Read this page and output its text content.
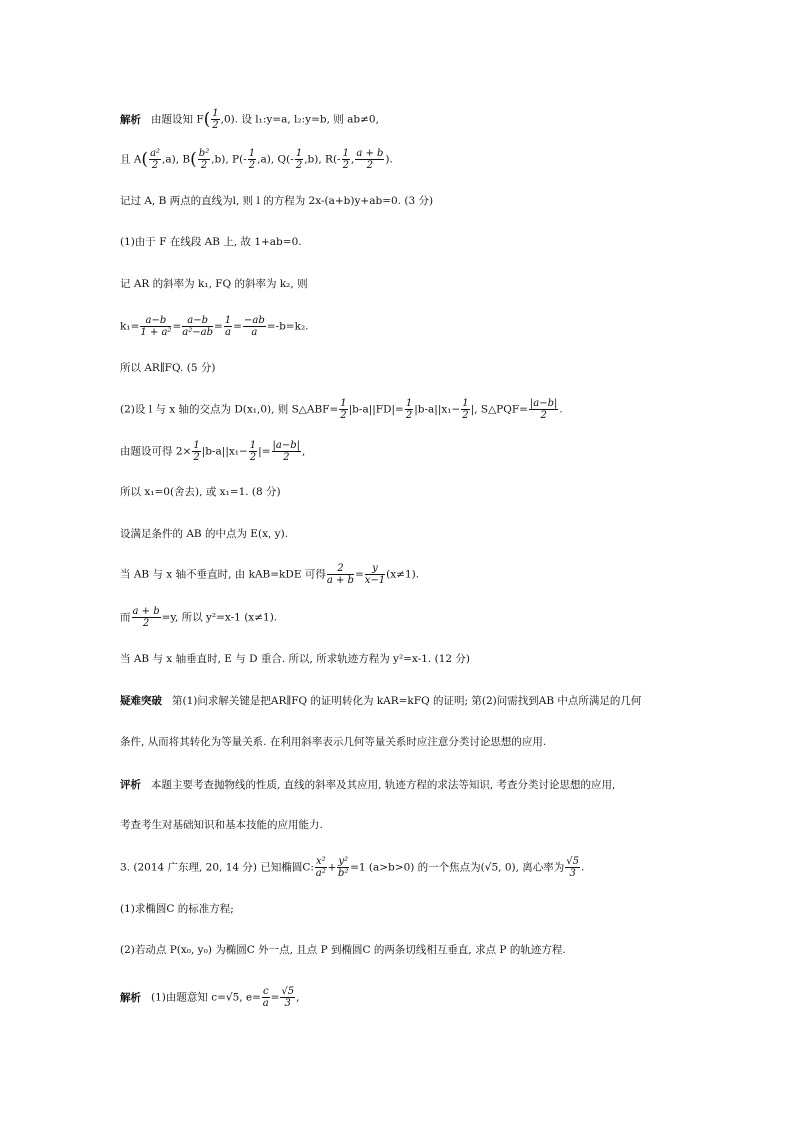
解析 由题设知 $F( \frac{1}{2} ,0)$. 设 l₁:y=a, l₂:y=b, 则 ab≠0,
且 $A( \frac{\text{a²}}{2} ,a)$, $B( \frac{\text{b²}}{2} ,b)$, $P(- \frac{1}{2} ,a)$, $Q(- \frac{1}{2} ,b)$, $R(- \frac{1}{2}$ , $\frac{a + b}{2}$ ).
记过 A, B 两点的直线为l, 则 l 的方程为 2x-(a+b)y+ab=0. (3 分)
(1)由于 F 在线段 AB 上, 故 1+ab=0.
记 AR 的斜率为 k₁, FQ 的斜率为 k₂, 则
$k_1= \frac{a-b}{\text{1 + a²}} = \frac{a-b}{\text{a²−ab}} = \frac{1}{a} = \frac{-ab}{a} =-b=k_2$.
所以 AR∥FQ. (5 分)
(2)设 l 与 x 轴的交点为 D(x₁,0), 则 S△ABF= $\frac{1}{2} |b-a||FD|= \frac{1}{2} |b-a||x_1- \frac{1}{2}$ |, S△PQF= $\frac{|a-b|}{2}$ .
由题设可得 $2\times \frac{1}{2} |b-a||x_1- \frac{1}{2}$ |= $\frac{|a-b|}{2}$ ,
所以 x₁=0(舍去), 或 x₁=1. (8 分)
设满足条件的 AB 的中点为 E(x, y).
当 AB 与 x 轴不垂直时, 由 kAB=kDE 可得 $\frac{2}{a + b} = \frac{y}{x-1} (x\ne 1)$.
而 $\frac{a + b}{2} =y$, 所以 y²=x-1 (x≠1).
当 AB 与 x 轴垂直时, E 与 D 重合. 所以, 所求轨迹方程为 y²=x-1. (12 分)
疑难突破 第(1)问求解关键是把AR∥FQ 的证明转化为 kAR=kFQ 的证明; 第(2)问需找到AB 中点所满足的几何
条件, 从而将其转化为等量关系. 在利用斜率表示几何等量关系时应注意分类讨论思想的应用.
评析 本题主要考查抛物线的性质, 直线的斜率及其应用, 轨迹方程的求法等知识, 考查分类讨论思想的应用,
考查考生对基础知识和基本技能的应用能力.
3. (2014 广东理, 20, 14 分) 已知椭圆C: $\frac{\text{x²}}{\text{a²}} + \frac{\text{y²}}{\text{b²}} =1$ (a>b>0) 的一个焦点为(√5, 0), 离心率为 $\frac{√5}{3}$ .
(1)求椭圆C 的标准方程;
(2)若动点 P(x₀, y₀) 为椭圆C 外一点, 且点 P 到椭圆C 的两条切线相互垂直, 求点 P 的轨迹方程.
解析 (1)由题意知 c=√5, $e= \frac{c}{a} = \frac{√5}{3}$ ,
